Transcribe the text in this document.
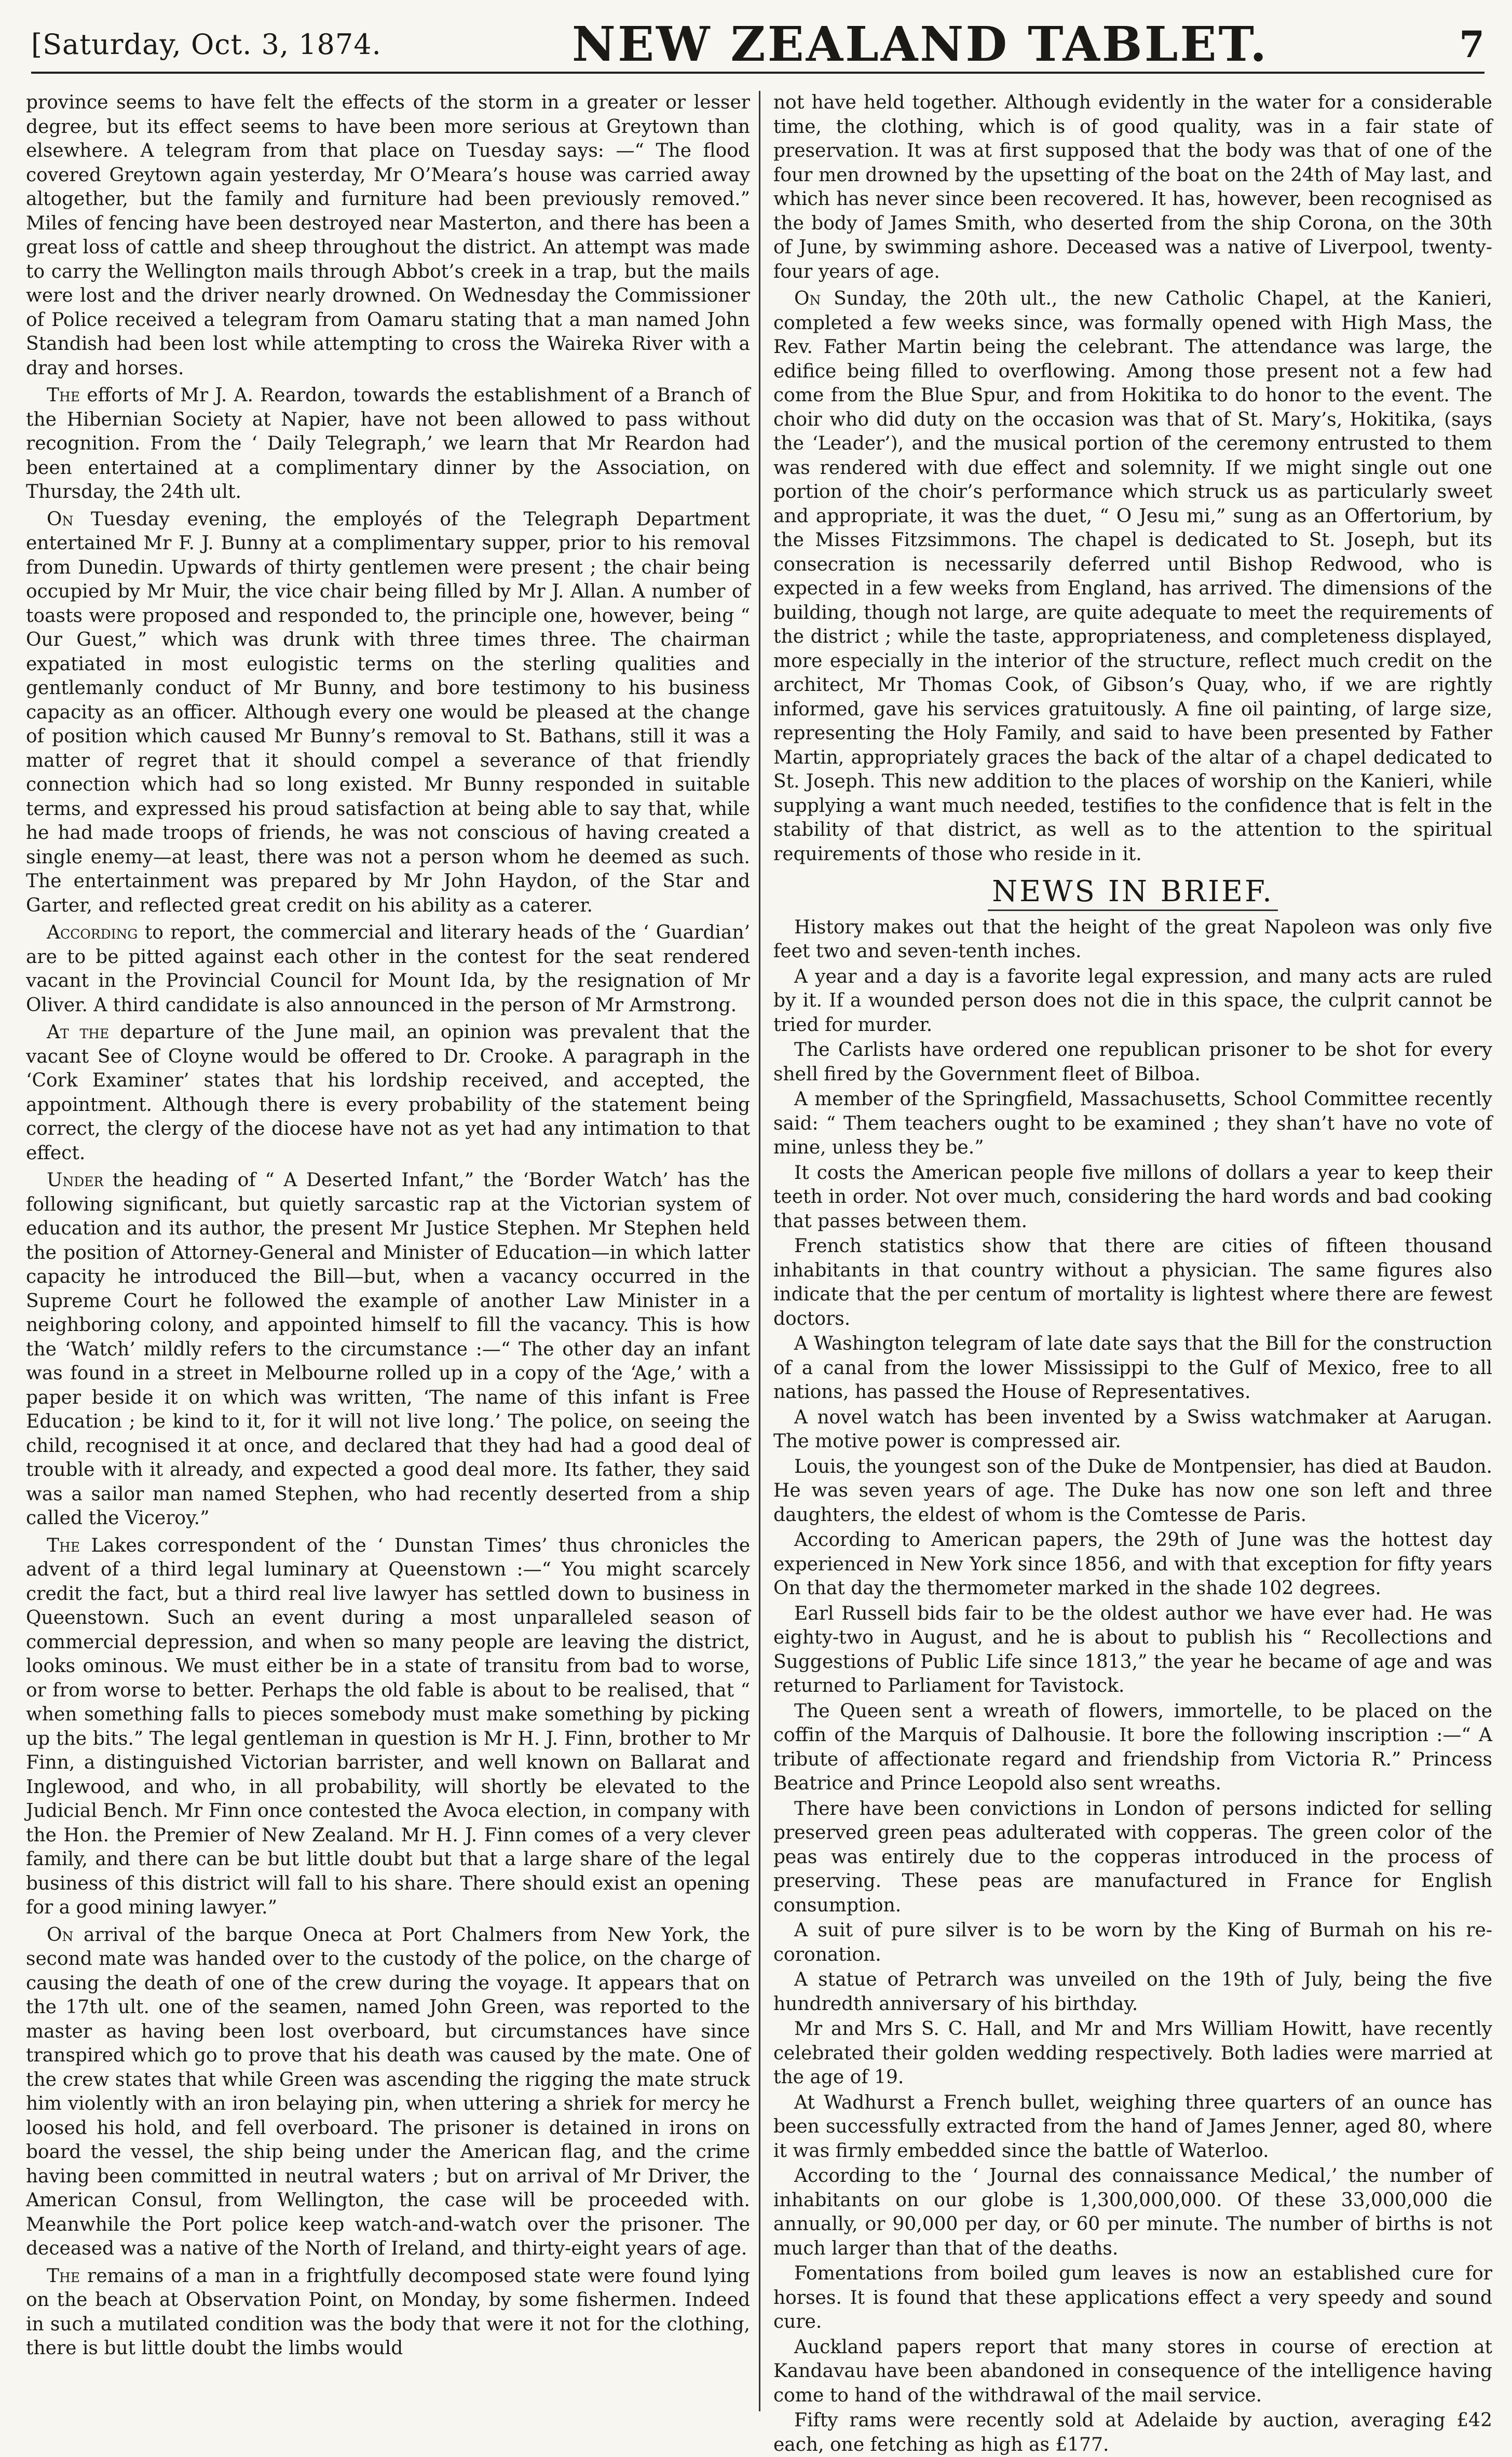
[Saturday, Oct. 3, 1874.	NEW ZEALAND TABLET.	7

province seems to have felt the effects of the storm in a greater or lesser degree, but its effect seems to have been more serious at Greytown than elsewhere. A telegram from that place on Tuesday says: —“ The flood covered Greytown again yesterday, Mr O’Meara’s house was carried away altogether, but the family and furniture had been previously removed.” Miles of fencing have been destroyed near Masterton, and there has been a great loss of cattle and sheep throughout the district. An attempt was made to carry the Wellington mails through Abbot’s creek in a trap, but the mails were lost and the driver nearly drowned. On Wednesday the Commissioner of Police received a telegram from Oamaru stating that a man named John Standish had been lost while attempting to cross the Waireka River with a dray and horses.

The efforts of Mr J. A. Reardon, towards the establishment of a Branch of the Hibernian Society at Napier, have not been allowed to pass without recognition. From the ‘ Daily Telegraph,’ we learn that Mr Reardon had been entertained at a complimentary dinner by the Association, on Thursday, the 24th ult.

On Tuesday evening, the employés of the Telegraph Department entertained Mr F. J. Bunny at a complimentary supper, prior to his removal from Dunedin. Upwards of thirty gentlemen were present ; the chair being occupied by Mr Muir, the vice chair being filled by Mr J. Allan. A number of toasts were proposed and responded to, the principle one, however, being “ Our Guest,” which was drunk with three times three. The chairman expatiated in most eulogistic terms on the sterling qualities and gentlemanly conduct of Mr Bunny, and bore testimony to his business capacity as an officer. Although every one would be pleased at the change of position which caused Mr Bunny’s removal to St. Bathans, still it was a matter of regret that it should compel a severance of that friendly connection which had so long existed. Mr Bunny responded in suitable terms, and expressed his proud satisfaction at being able to say that, while he had made troops of friends, he was not conscious of having created a single enemy—at least, there was not a person whom he deemed as such. The entertainment was prepared by Mr John Haydon, of the Star and Garter, and reflected great credit on his ability as a caterer.

According to report, the commercial and literary heads of the ‘ Guardian’ are to be pitted against each other in the contest for the seat rendered vacant in the Provincial Council for Mount Ida, by the resignation of Mr Oliver. A third candidate is also announced in the person of Mr Armstrong.

At the departure of the June mail, an opinion was prevalent that the vacant See of Cloyne would be offered to Dr. Crooke. A paragraph in the ‘Cork Examiner’ states that his lordship received, and accepted, the appointment. Although there is every probability of the statement being correct, the clergy of the diocese have not as yet had any intimation to that effect.

Under the heading of “ A Deserted Infant,” the ‘Border Watch’ has the following significant, but quietly sarcastic rap at the Victorian system of education and its author, the present Mr Justice Stephen. Mr Stephen held the position of Attorney-General and Minister of Education—in which latter capacity he introduced the Bill—but, when a vacancy occurred in the Supreme Court he followed the example of another Law Minister in a neighboring colony, and appointed himself to fill the vacancy. This is how the ‘Watch’ mildly refers to the circumstance :—“ The other day an infant was found in a street in Melbourne rolled up in a copy of the ‘Age,’ with a paper beside it on which was written, ‘The name of this infant is Free Education ; be kind to it, for it will not live long.’ The police, on seeing the child, recognised it at once, and declared that they had had a good deal of trouble with it already, and expected a good deal more. Its father, they said was a sailor man named Stephen, who had recently deserted from a ship called the Viceroy.”

The Lakes correspondent of the ‘ Dunstan Times’ thus chronicles the advent of a third legal luminary at Queenstown :—“ You might scarcely credit the fact, but a third real live lawyer has settled down to business in Queenstown. Such an event during a most unparalleled season of commercial depression, and when so many people are leaving the district, looks ominous. We must either be in a state of transitu from bad to worse, or from worse to better. Perhaps the old fable is about to be realised, that “ when something falls to pieces somebody must make something by picking up the bits.” The legal gentleman in question is Mr H. J. Finn, brother to Mr Finn, a distinguished Victorian barrister, and well known on Ballarat and Inglewood, and who, in all probability, will shortly be elevated to the Judicial Bench. Mr Finn once contested the Avoca election, in company with the Hon. the Premier of New Zealand. Mr H. J. Finn comes of a very clever family, and there can be but little doubt but that a large share of the legal business of this district will fall to his share. There should exist an opening for a good mining lawyer.”

On arrival of the barque Oneca at Port Chalmers from New York, the second mate was handed over to the custody of the police, on the charge of causing the death of one of the crew during the voyage. It appears that on the 17th ult. one of the seamen, named John Green, was reported to the master as having been lost overboard, but circumstances have since transpired which go to prove that his death was caused by the mate. One of the crew states that while Green was ascending the rigging the mate struck him violently with an iron belaying pin, when uttering a shriek for mercy he loosed his hold, and fell overboard. The prisoner is detained in irons on board the vessel, the ship being under the American flag, and the crime having been committed in neutral waters ; but on arrival of Mr Driver, the American Consul, from Wellington, the case will be proceeded with. Meanwhile the Port police keep watch-and-watch over the prisoner. The deceased was a native of the North of Ireland, and thirty-eight years of age.

The remains of a man in a frightfully decomposed state were found lying on the beach at Observation Point, on Monday, by some fishermen. Indeed in such a mutilated condition was the body that were it not for the clothing, there is but little doubt the limbs would

not have held together. Although evidently in the water for a considerable time, the clothing, which is of good quality, was in a fair state of preservation. It was at first supposed that the body was that of one of the four men drowned by the upsetting of the boat on the 24th of May last, and which has never since been recovered. It has, however, been recognised as the body of James Smith, who deserted from the ship Corona, on the 30th of June, by swimming ashore. Deceased was a native of Liverpool, twenty-four years of age.

On Sunday, the 20th ult., the new Catholic Chapel, at the Kanieri, completed a few weeks since, was formally opened with High Mass, the Rev. Father Martin being the celebrant. The attendance was large, the edifice being filled to overflowing. Among those present not a few had come from the Blue Spur, and from Hokitika to do honor to the event. The choir who did duty on the occasion was that of St. Mary’s, Hokitika, (says the ‘Leader’), and the musical portion of the ceremony entrusted to them was rendered with due effect and solemnity. If we might single out one portion of the choir’s performance which struck us as particularly sweet and appropriate, it was the duet, “ O Jesu mi,” sung as an Offertorium, by the Misses Fitzsimmons. The chapel is dedicated to St. Joseph, but its consecration is necessarily deferred until Bishop Redwood, who is expected in a few weeks from England, has arrived. The dimensions of the building, though not large, are quite adequate to meet the requirements of the district ; while the taste, appropriateness, and completeness displayed, more especially in the interior of the structure, reflect much credit on the architect, Mr Thomas Cook, of Gibson’s Quay, who, if we are rightly informed, gave his services gratuitously. A fine oil painting, of large size, representing the Holy Family, and said to have been presented by Father Martin, appropriately graces the back of the altar of a chapel dedicated to St. Joseph. This new addition to the places of worship on the Kanieri, while supplying a want much needed, testifies to the confidence that is felt in the stability of that district, as well as to the attention to the spiritual requirements of those who reside in it.

NEWS IN BRIEF.

History makes out that the height of the great Napoleon was only five feet two and seven-tenth inches.

A year and a day is a favorite legal expression, and many acts are ruled by it. If a wounded person does not die in this space, the culprit cannot be tried for murder.

The Carlists have ordered one republican prisoner to be shot for every shell fired by the Government fleet of Bilboa.

A member of the Springfield, Massachusetts, School Committee recently said: “ Them teachers ought to be examined ; they shan’t have no vote of mine, unless they be.”

It costs the American people five millons of dollars a year to keep their teeth in order. Not over much, considering the hard words and bad cooking that passes between them.

French statistics show that there are cities of fifteen thousand inhabitants in that country without a physician. The same figures also indicate that the per centum of mortality is lightest where there are fewest doctors.

A Washington telegram of late date says that the Bill for the construction of a canal from the lower Mississippi to the Gulf of Mexico, free to all nations, has passed the House of Representatives.

A novel watch has been invented by a Swiss watchmaker at Aarugan. The motive power is compressed air.

Louis, the youngest son of the Duke de Montpensier, has died at Baudon. He was seven years of age. The Duke has now one son left and three daughters, the eldest of whom is the Comtesse de Paris.

According to American papers, the 29th of June was the hottest day experienced in New York since 1856, and with that exception for fifty years On that day the thermometer marked in the shade 102 degrees.

Earl Russell bids fair to be the oldest author we have ever had. He was eighty-two in August, and he is about to publish his “ Recollections and Suggestions of Public Life since 1813,” the year he became of age and was returned to Parliament for Tavistock.

The Queen sent a wreath of flowers, immortelle, to be placed on the coffin of the Marquis of Dalhousie. It bore the following inscription :—“ A tribute of affectionate regard and friendship from Victoria R.” Princess Beatrice and Prince Leopold also sent wreaths.

There have been convictions in London of persons indicted for selling preserved green peas adulterated with copperas. The green color of the peas was entirely due to the copperas introduced in the process of preserving. These peas are manufactured in France for English consumption.

A suit of pure silver is to be worn by the King of Burmah on his re-coronation.

A statue of Petrarch was unveiled on the 19th of July, being the five hundredth anniversary of his birthday.

Mr and Mrs S. C. Hall, and Mr and Mrs William Howitt, have recently celebrated their golden wedding respectively. Both ladies were married at the age of 19.

At Wadhurst a French bullet, weighing three quarters of an ounce has been successfully extracted from the hand of James Jenner, aged 80, where it was firmly embedded since the battle of Waterloo.

According to the ‘ Journal des connaissance Medical,’ the number of inhabitants on our globe is 1,300,000,000. Of these 33,000,000 die annually, or 90,000 per day, or 60 per minute. The number of births is not much larger than that of the deaths.

Fomentations from boiled gum leaves is now an established cure for horses. It is found that these applications effect a very speedy and sound cure.

Auckland papers report that many stores in course of erection at Kandavau have been abandoned in consequence of the intelligence having come to hand of the withdrawal of the mail service.

Fifty rams were recently sold at Adelaide by auction, averaging £42 each, one fetching as high as £177.
